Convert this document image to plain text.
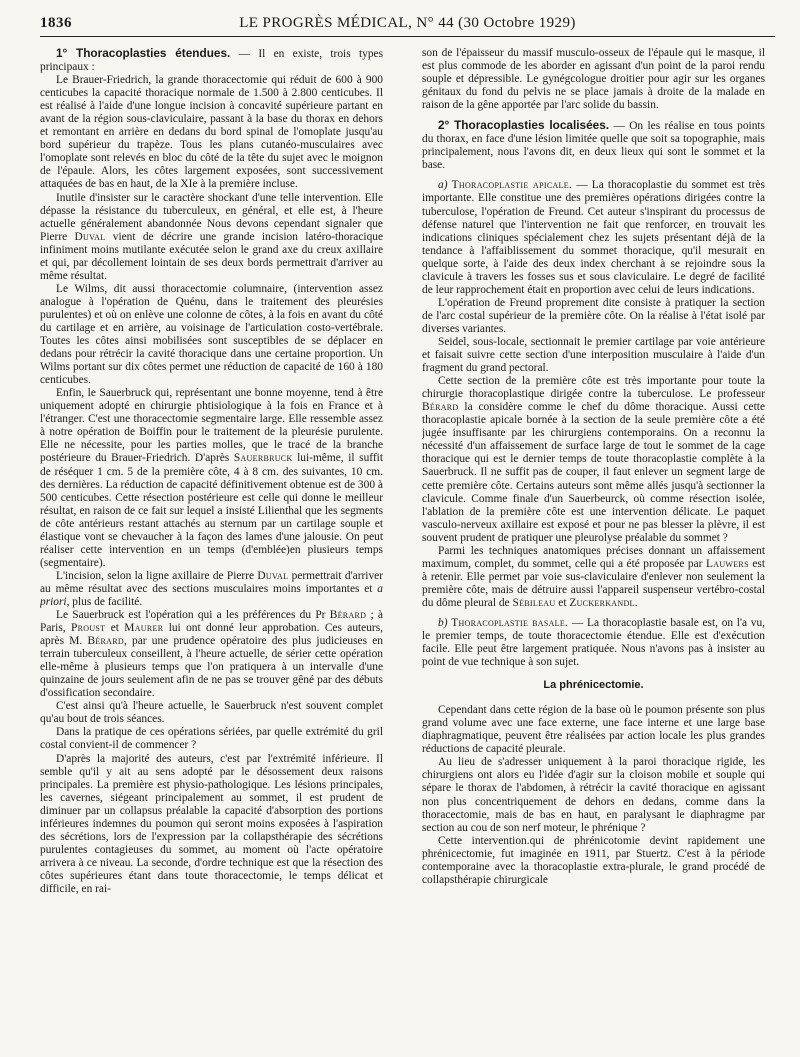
1836	LE PROGRÈS MÉDICAL, N° 44 (30 Octobre 1929)

1° Thoracoplasties étendues. — Il en existe, trois types principaux :

Le Brauer-Friedrich, la grande thoracectomie qui réduit de 600 à 900 centicubes la capacité thoracique normale de 1.500 à 2.800 centicubes. Il est réalisé à l'aide d'une longue incision à concavité supérieure partant en avant de la région sous-claviculaire, passant à la base du thorax en dehors et remontant en arrière en dedans du bord spinal de l'omoplate jusqu'au bord supérieur du trapèze. Tous les plans cutanéo-musculaires avec l'omoplate sont relevés en bloc du côté de la tête du sujet avec le moignon de l'épaule. Alors, les côtes largement exposées, sont successivement attaquées de bas en haut, de la XIe à la première incluse.

Inutile d'insister sur le caractère shockant d'une telle intervention. Elle dépasse la résistance du tuberculeux, en général, et elle est, à l'heure actuelle généralement abandonnée Nous devons cependant signaler que Pierre Duval vient de décrire une grande incision latéro-thoracique infiniment moins mutilante exécutée selon le grand axe du creux axillaire et qui, par décollement lointain de ses deux bords permettrait d'arriver au même résultat.

Le Wilms, dit aussi thoracectomie columnaire, (intervention assez analogue à l'opération de Quénu, dans le traitement des pleurésies purulentes) et où on enlève une colonne de côtes, à la fois en avant du côté du cartilage et en arrière, au voisinage de l'articulation costo-vertébrale. Toutes les côtes ainsi mobilisées sont susceptibles de se déplacer en dedans pour rétrécir la cavité thoracique dans une certaine proportion. Un Wilms portant sur dix côtes permet une réduction de capacité de 160 à 180 centicubes.

Enfin, le Sauerbruck qui, représentant une bonne moyenne, tend à être uniquement adopté en chirurgie phtisiologique à la fois en France et à l'étranger. C'est une thoracectomie segmentaire large. Elle ressemble assez à notre opération de Boiffin pour le traitement de la pleurésie purulente. Elle ne nécessite, pour les parties molles, que le tracé de la branche postérieure du Brauer-Friedrich. D'après Sauerbruck lui-même, il suffit de réséquer 1 cm. 5 de la première côte, 4 à 8 cm. des suivantes, 10 cm. des dernières. La réduction de capacité définitivement obtenue est de 300 à 500 centicubes. Cette résection postérieure est celle qui donne le meilleur résultat, en raison de ce fait sur lequel a insisté Lilienthal que les segments de côte antérieurs restant attachés au sternum par un cartilage souple et élastique vont se chevaucher à la façon des lames d'une jalousie. On peut réaliser cette intervention en un temps (d'emblée)en plusieurs temps (segmentaire).

L'incision, selon la ligne axillaire de Pierre Duval permettrait d'arriver au même résultat avec des sections musculaires moins importantes et a priori, plus de facilité.

Le Sauerbruck est l'opération qui a les préférences du Pr Bérard ; à Paris, Proust et Maurer lui ont donné leur approbation. Ces auteurs, après M. Bérard, par une prudence opératoire des plus judicieuses en terrain tuberculeux conseillent, à l'heure actuelle, de sérier cette opération elle-même à plusieurs temps que l'on pratiquera à un intervalle d'une quinzaine de jours seulement afin de ne pas se trouver gêné par des débuts d'ossification secondaire.

C'est ainsi qu'à l'heure actuelle, le Sauerbruck n'est souvent complet qu'au bout de trois séances.

Dans la pratique de ces opérations sériées, par quelle extrémité du gril costal convient-il de commencer ?

D'après la majorité des auteurs, c'est par l'extrémité inférieure. Il semble qu'il y ait au sens adopté par le désossement deux raisons principales. La première est physio-pathologique. Les lésions principales, les cavernes, siégeant principalement au sommet, il est prudent de diminuer par un collapsus préalable la capacité d'absorption des portions inférieures indemnes du poumon qui seront moins exposées à l'aspiration des sécrétions, lors de l'expression par la collapsthérapie des sécrétions purulentes contagieuses du sommet, au moment où l'acte opératoire arrivera à ce niveau. La seconde, d'ordre technique est que la résection des côtes supérieures étant dans toute thoracectomie, le temps délicat et difficile, en rai-

son de l'épaisseur du massif musculo-osseux de l'épaule qui le masque, il est plus commode de les aborder en agissant d'un point de la paroi rendu souple et dépressible. Le gynégcologue droitier pour agir sur les organes génitaux du fond du pelvis ne se place jamais à droite de la malade en raison de la gêne apportée par l'arc solide du bassin.

2° Thoracoplasties localisées. — On les réalise en tous points du thorax, en face d'une lésion limitée quelle que soit sa topographie, mais principalement, nous l'avons dit, en deux lieux qui sont le sommet et la base.

a) Thoracoplastie apicale. — La thoracoplastie du sommet est très importante. Elle constitue une des premières opérations dirigées contre la tuberculose, l'opération de Freund. Cet auteur s'inspirant du processus de défense naturel que l'intervention ne fait que renforcer, en trouvait les indications cliniques spécialement chez les sujets présentant déjà de la tendance à l'affaiblissement du sommet thoracique, qu'il mesurait en quelque sorte, à l'aide des deux index cherchant à se rejoindre sous la clavicule à travers les fosses sus et sous claviculaire. Le degré de facilité de leur rapprochement était en proportion avec celui de leurs indications.

L'opération de Freund proprement dite consiste à pratiquer la section de l'arc costal supérieur de la première côte. On la réalise à l'état isolé par diverses variantes.

Seidel, sous-locale, sectionnait le premier cartilage par voie antérieure et faisait suivre cette section d'une interposition musculaire à l'aide d'un fragment du grand pectoral.

Cette section de la première côte est très importante pour toute la chirurgie thoracoplastique dirigée contre la tuberculose. Le professeur Bérard la considère comme le chef du dôme thoracique. Aussi cette thoracoplastie apicale bornée à la section de la seule première côte a été jugée insuffisante par les chirurgiens contemporains. On a reconnu la nécessité d'un affaissement de surface large de tout le sommet de la cage thoracique qui est le dernier temps de toute thoracoplastie complète à la Sauerbruck. Il ne suffit pas de couper, il faut enlever un segment large de cette première côte. Certains auteurs sont même allés jusqu'à sectionner la clavicule. Comme finale d'un Sauerbeurck, où comme résection isolée, l'ablation de la première côte est une intervention délicate. Le paquet vasculo-nerveux axillaire est exposé et pour ne pas blesser la plèvre, il est souvent prudent de pratiquer une pleurolyse préalable du sommet ?

Parmi les techniques anatomiques précises donnant un affaissement maximum, complet, du sommet, celle qui a été proposée par Lauwers est à retenir. Elle permet par voie sus-claviculaire d'enlever non seulement la première côte, mais de détruire aussi l'appareil suspenseur vertébro-costal du dôme pleural de Sébileau et Zuckerkandl.

b) Thoracoplastie basale. — La thoracoplastie basale est, on l'a vu, le premier temps, de toute thoracectomie étendue. Elle est d'exécution facile. Elle peut être largement pratiquée. Nous n'avons pas à insister au point de vue technique à son sujet.

La phrénicectomie.

Cependant dans cette région de la base où le poumon présente son plus grand volume avec une face externe, une face interne et une large base diaphragmatique, peuvent être réalisées par action locale les plus grandes réductions de capacité pleurale.

Au lieu de s'adresser uniquement à la paroi thoracique rigide, les chirurgiens ont alors eu l'idée d'agir sur la cloison mobile et souple qui sépare le thorax de l'abdomen, à rétrécir la cavité thoracique en agissant non plus concentriquement de dehors en dedans, comme dans la thoracectomie, mais de bas en haut, en paralysant le diaphragme par section au cou de son nerf moteur, le phrénique ?

Cette intervention.qui de phrénicotomie devint rapidement une phrénicectomie, fut imaginée en 1911, par Stuertz. C'est à la période contemporaine avec la thoracoplastie extra-plurale, le grand procédé de collapsthérapie chirurgicale
